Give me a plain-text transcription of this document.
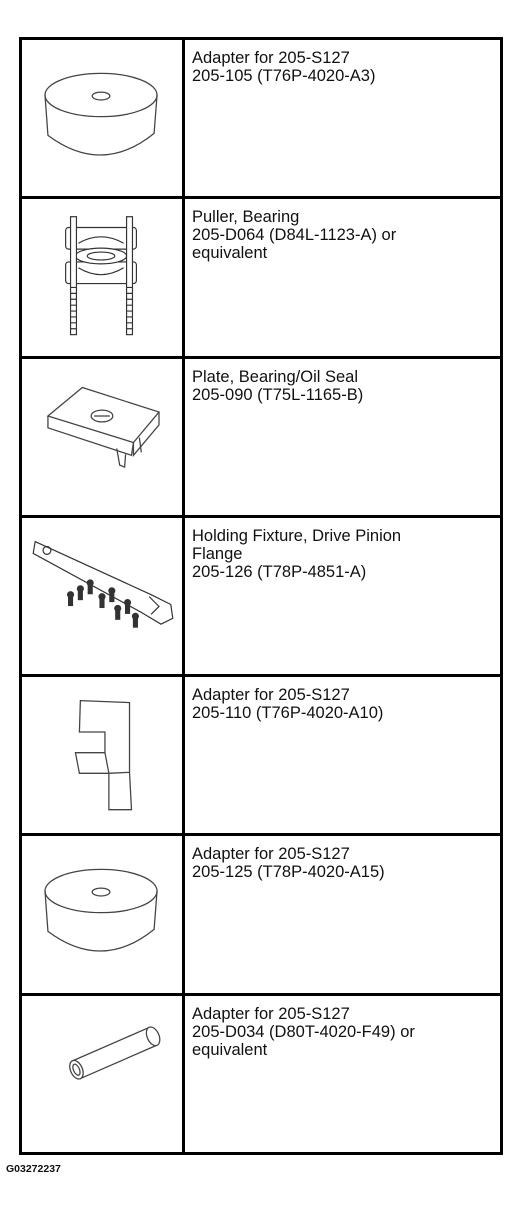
Adapter for 205-S127
205-105 (T76P-4020-A3)
Puller, Bearing
205-D064 (D84L-1123-A) or
equivalent
Plate, Bearing/Oil Seal
205-090 (T75L-1165-B)
Holding Fixture, Drive Pinion
Flange
205-126 (T78P-4851-A)
Adapter for 205-S127
205-110 (T76P-4020-A10)
Adapter for 205-S127
205-125 (T78P-4020-A15)
Adapter for 205-S127
205-D034 (D80T-4020-F49) or
equivalent
G03272237
